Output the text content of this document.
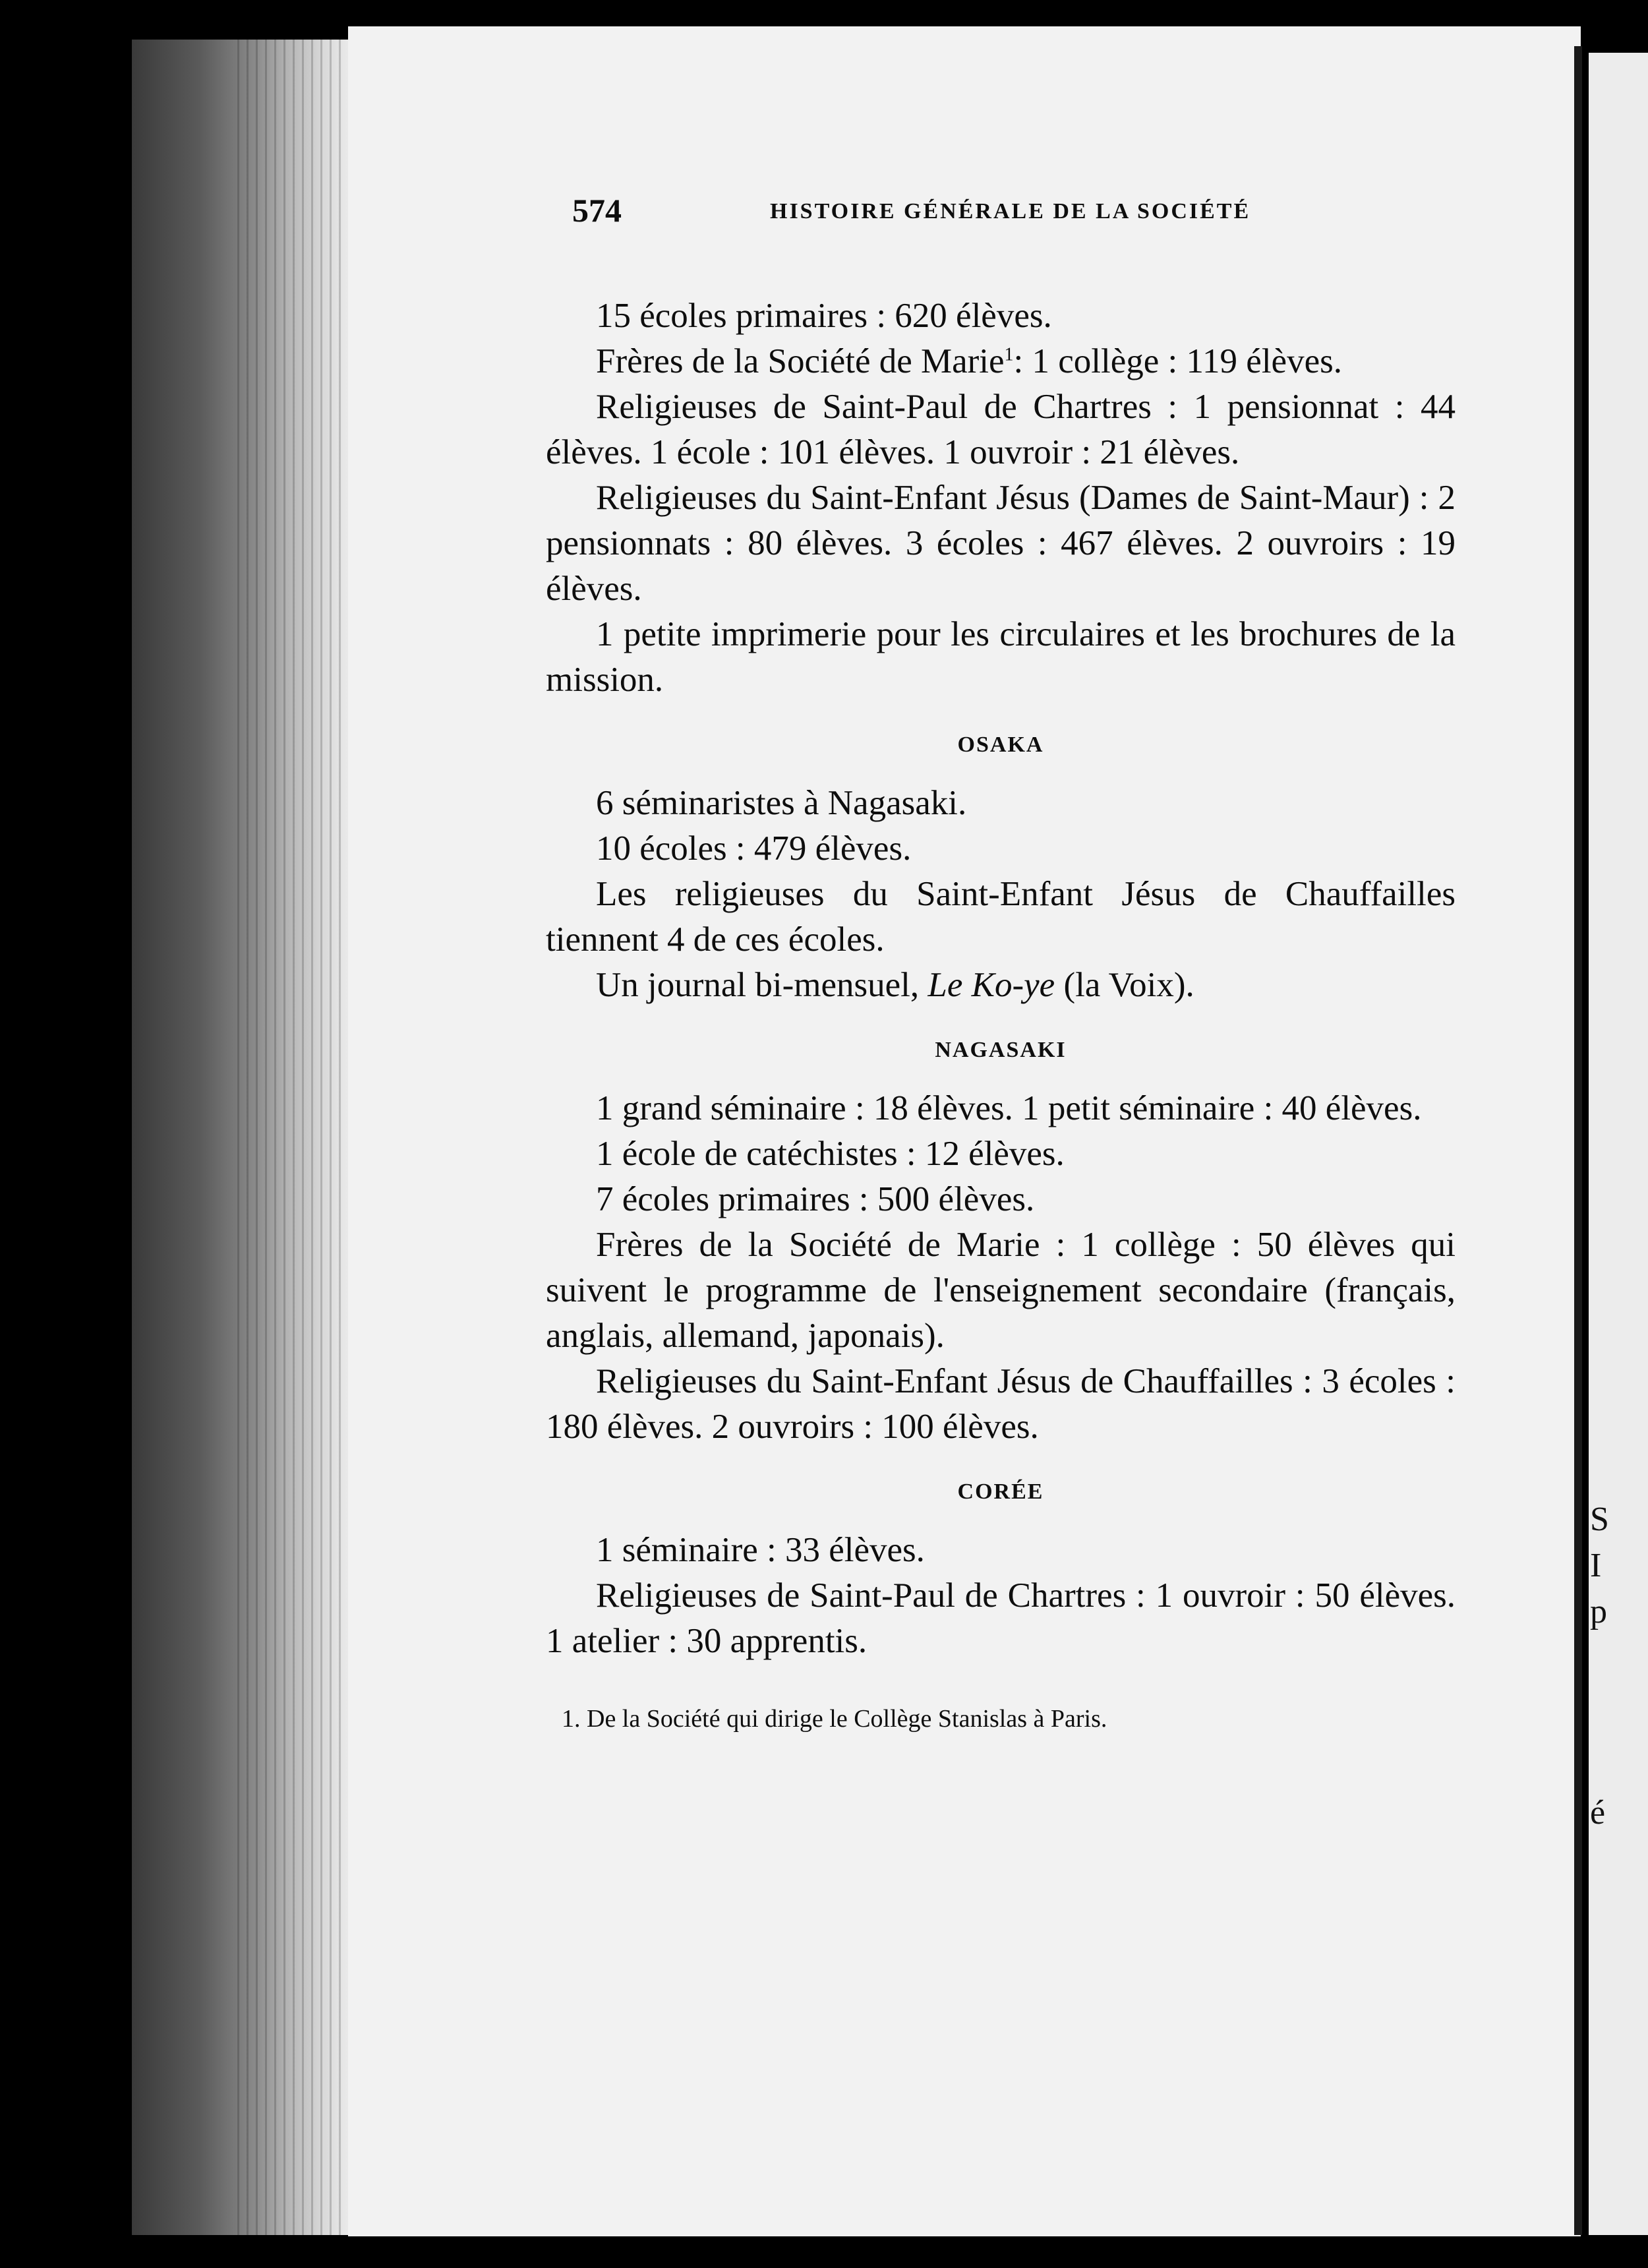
S
I
p
é
574	HISTOIRE GÉNÉRALE DE LA SOCIÉTÉ

15 écoles primaires : 620 élèves.

Frères de la Société de Marie$^1$: 1 collège : 119 élèves.

Religieuses de Saint-Paul de Chartres : 1 pensionnat : 44 élèves. 1 école : 101 élèves. 1 ouvroir : 21 élèves.

Religieuses du Saint-Enfant Jésus (Dames de Saint-Maur) : 2 pensionnats : 80 élèves. 3 écoles : 467 élèves. 2 ouvroirs : 19 élèves.

1 petite imprimerie pour les circulaires et les brochures de la mission.

OSAKA

6 séminaristes à Nagasaki.

10 écoles : 479 élèves.

Les religieuses du Saint-Enfant Jésus de Chauffailles tiennent 4 de ces écoles.

Un journal bi-mensuel, Le Ko-ye (la Voix).

NAGASAKI

1 grand séminaire : 18 élèves. 1 petit séminaire : 40 élèves.

1 école de catéchistes : 12 élèves.

7 écoles primaires : 500 élèves.

Frères de la Société de Marie : 1 collège : 50 élèves qui suivent le programme de l'enseignement secondaire (français, anglais, allemand, japonais).

Religieuses du Saint-Enfant Jésus de Chauffailles : 3 écoles : 180 élèves. 2 ouvroirs : 100 élèves.

CORÉE

1 séminaire : 33 élèves.

Religieuses de Saint-Paul de Chartres : 1 ouvroir : 50 élèves. 1 atelier : 30 apprentis.

1. De la Société qui dirige le Collège Stanislas à Paris.
